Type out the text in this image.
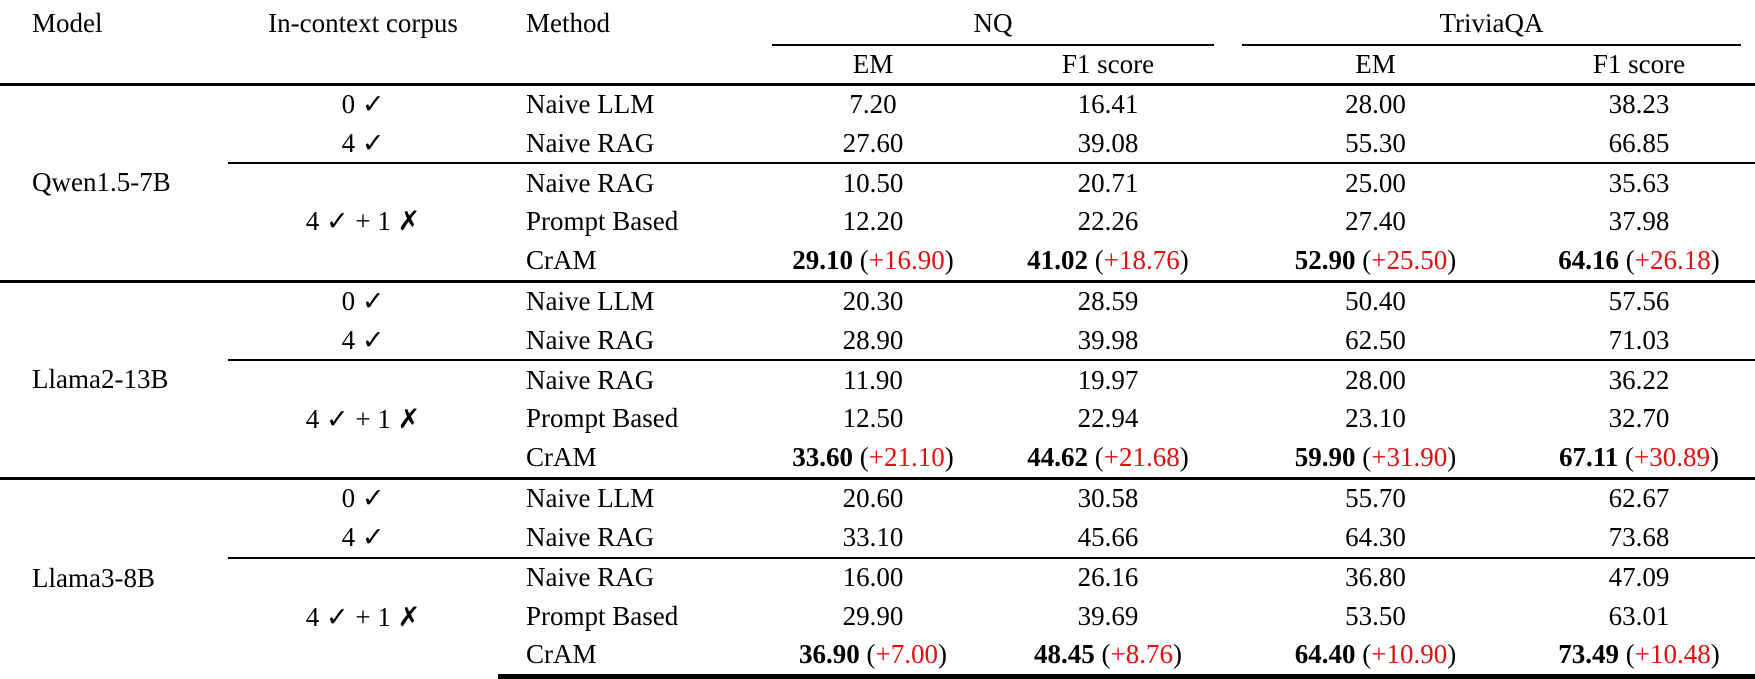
Model	In-context corpus	Method	NQ		TriviaQA	

			EM	F1 score	EM	F1 score
Qwen1.5-7B	0 ✓	Naive LLM	7.20	16.41	28.00	38.23
	4 ✓	Naive RAG	27.60	39.08	55.30	66.85
	4 ✓ + 1 ✗	Naive RAG	10.50	20.71	25.00	35.63
		Prompt Based	12.20	22.26	27.40	37.98
		CrAM	29.10 (+16.90)	41.02 (+18.76)	52.90 (+25.50)	64.16 (+26.18)
Llama2-13B	0 ✓	Naive LLM	20.30	28.59	50.40	57.56
	4 ✓	Naive RAG	28.90	39.98	62.50	71.03
	4 ✓ + 1 ✗	Naive RAG	11.90	19.97	28.00	36.22
		Prompt Based	12.50	22.94	23.10	32.70
		CrAM	33.60 (+21.10)	44.62 (+21.68)	59.90 (+31.90)	67.11 (+30.89)
Llama3-8B	0 ✓	Naive LLM	20.60	30.58	55.70	62.67
	4 ✓	Naive RAG	33.10	45.66	64.30	73.68
	4 ✓ + 1 ✗	Naive RAG	16.00	26.16	36.80	47.09
		Prompt Based	29.90	39.69	53.50	63.01
		CrAM	36.90 (+7.00)	48.45 (+8.76)	64.40 (+10.90)	73.49 (+10.48)
